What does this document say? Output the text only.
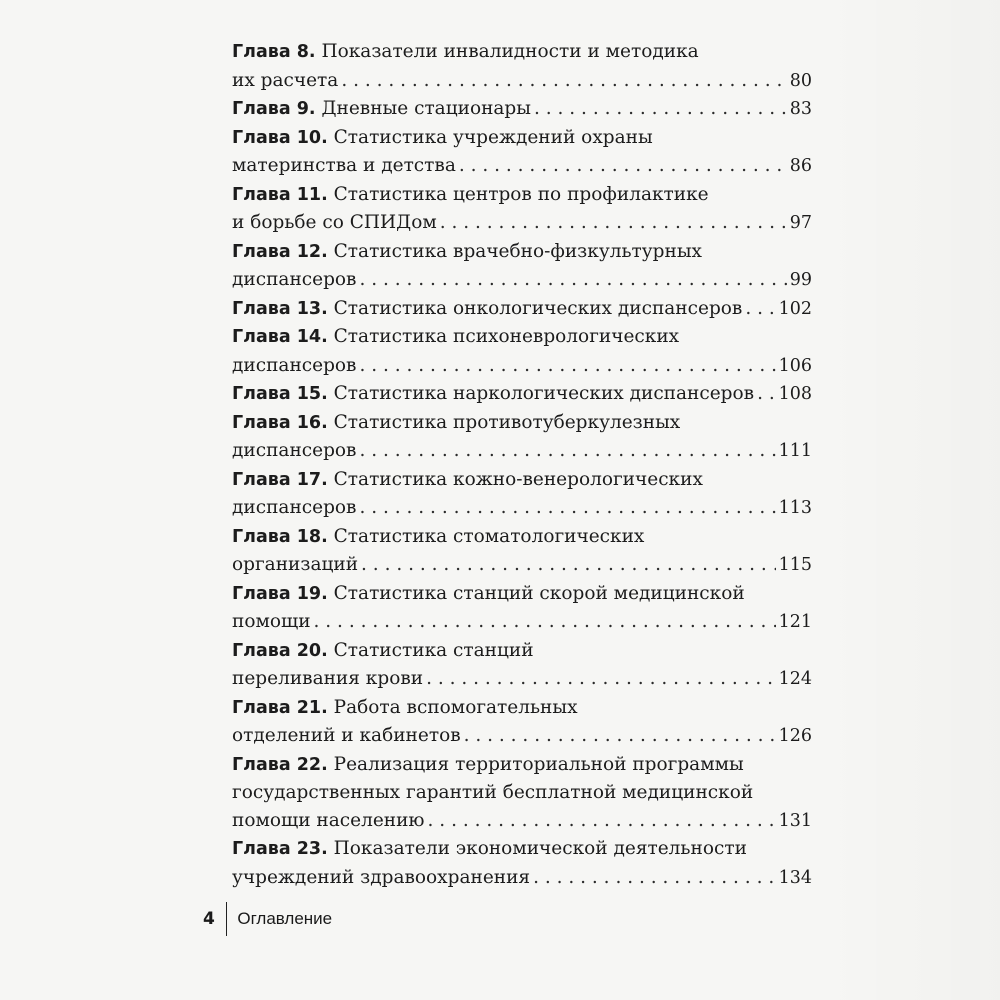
Глава 8. Показатели инвалидности и методика
их расчета . . .	80
Глава 9. Дневные стационары . . .	83
Глава 10. Статистика учреждений охраны
материнства и детства . . .	86
Глава 11. Статистика центров по профилактике
и борьбе со СПИДом . . .	97
Глава 12. Статистика врачебно-физкультурных
диспансеров . . .	99
Глава 13. Статистика онкологических диспансеров . . . 102
Глава 14. Статистика психоневрологических
диспансеров . . .	106
Глава 15. Статистика наркологических диспансеров . . . 108
Глава 16. Статистика противотуберкулезных
диспансеров . . .	111
Глава 17. Статистика кожно-венерологических
диспансеров . . .	113
Глава 18. Статистика стоматологических
организаций . . .	115
Глава 19. Статистика станций скорой медицинской
помощи . . .	121
Глава 20. Статистика станций
переливания крови . . .	124
Глава 21. Работа вспомогательных
отделений и кабинетов . . .	126
Глава 22. Реализация территориальной программы
государственных гарантий бесплатной медицинской
помощи населению . . .	131
Глава 23. Показатели экономической деятельности
учреждений здравоохранения . . .	134
4 Оглавление
